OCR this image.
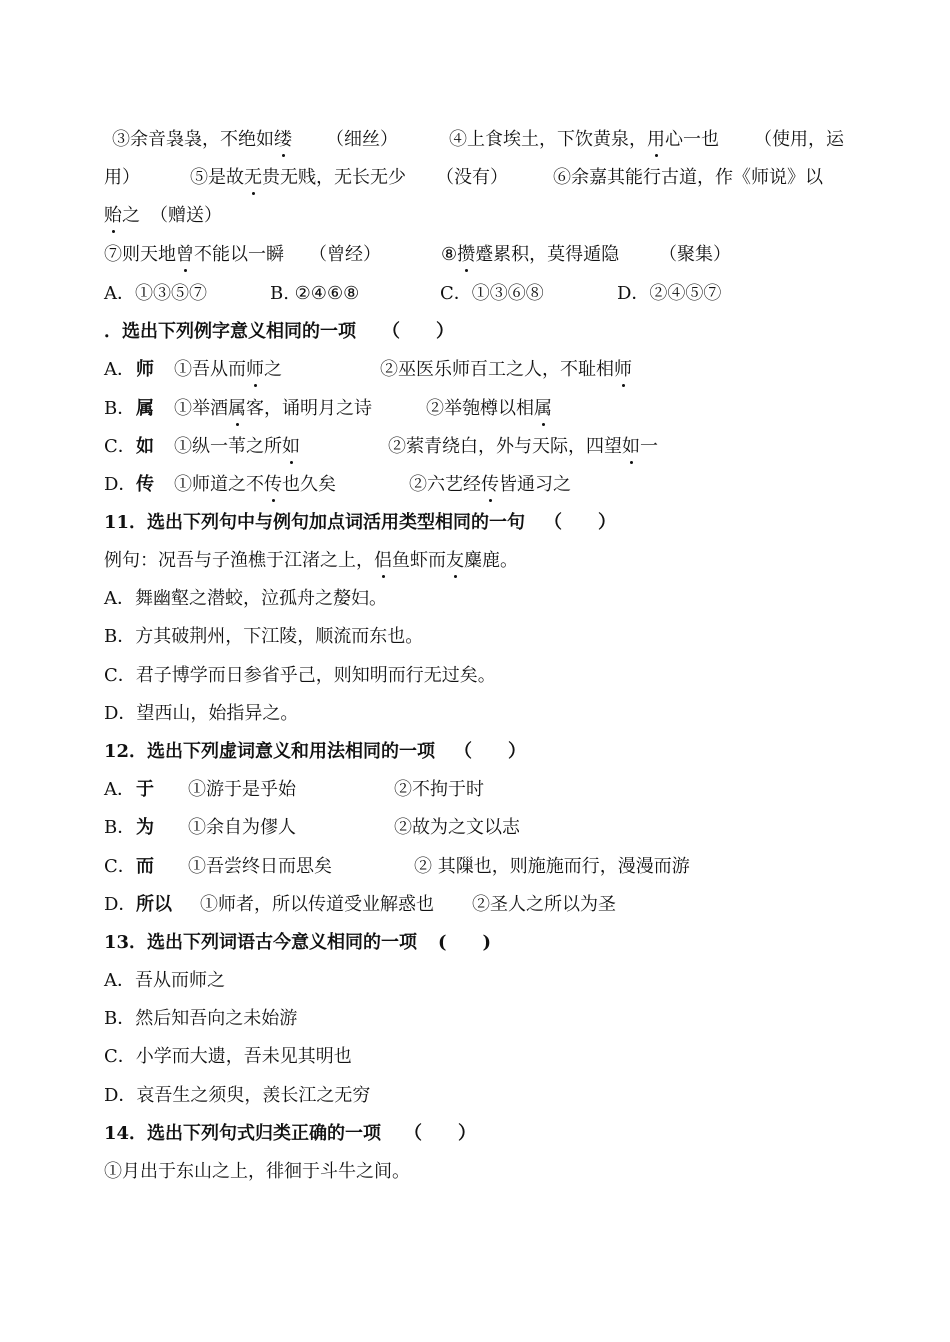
③余音袅袅，不绝如缕 （细丝）	④上食埃土，下饮黄泉，用心一也 （使用，运
用）	⑤是故无贵无贱，无长无少 （没有）	⑥余嘉其能行古道，作《师说》以
贻之 （赠送）
⑦则天地曾不能以一瞬 （曾经）	⑧攒蹙累积，莫得遁隐 （聚集）
A．①③⑤⑦	B. ②④⑥⑧	C．①③⑥⑧	D．②④⑤⑦
．选出下列例字意义相同的一项 （　　）
A． 师 ①吾从而师之	②巫医乐师百工之人，不耻相师
B． 属 ①举酒属客，诵明月之诗	②举匏樽以相属
C． 如 ①纵一苇之所如	②萦青绕白，外与天际，四望如一
D． 传 ①师道之不传也久矣	②六艺经传皆通习之
11．选出下列句中与例句加点词活用类型相同的一句 （　　）
例句：况吾与子渔樵于江渚之上，侣鱼虾而友麋鹿。
A．舞幽壑之潜蛟，泣孤舟之嫠妇。
B．方其破荆州，下江陵，顺流而东也。
C．君子博学而日参省乎己，则知明而行无过矣。
D．望西山，始指异之。
12．选出下列虚词意义和用法相同的一项 （　　）
A． 于 ①游于是乎始	②不拘于时
B． 为 ①余自为僇人	②故为之文以志
C． 而 ①吾尝终日而思矣	② 其隟也，则施施而行，漫漫而游
D． 所以 ①师者，所以传道受业解惑也 ②圣人之所以为圣
13．选出下列词语古今意义相同的一项 (　　)
A．吾从而师之
B．然后知吾向之未始游
C．小学而大遗，吾未见其明也
D．哀吾生之须臾，羡长江之无穷
14．选出下列句式归类正确的一项 （　　）
①月出于东山之上，徘徊于斗牛之间。
